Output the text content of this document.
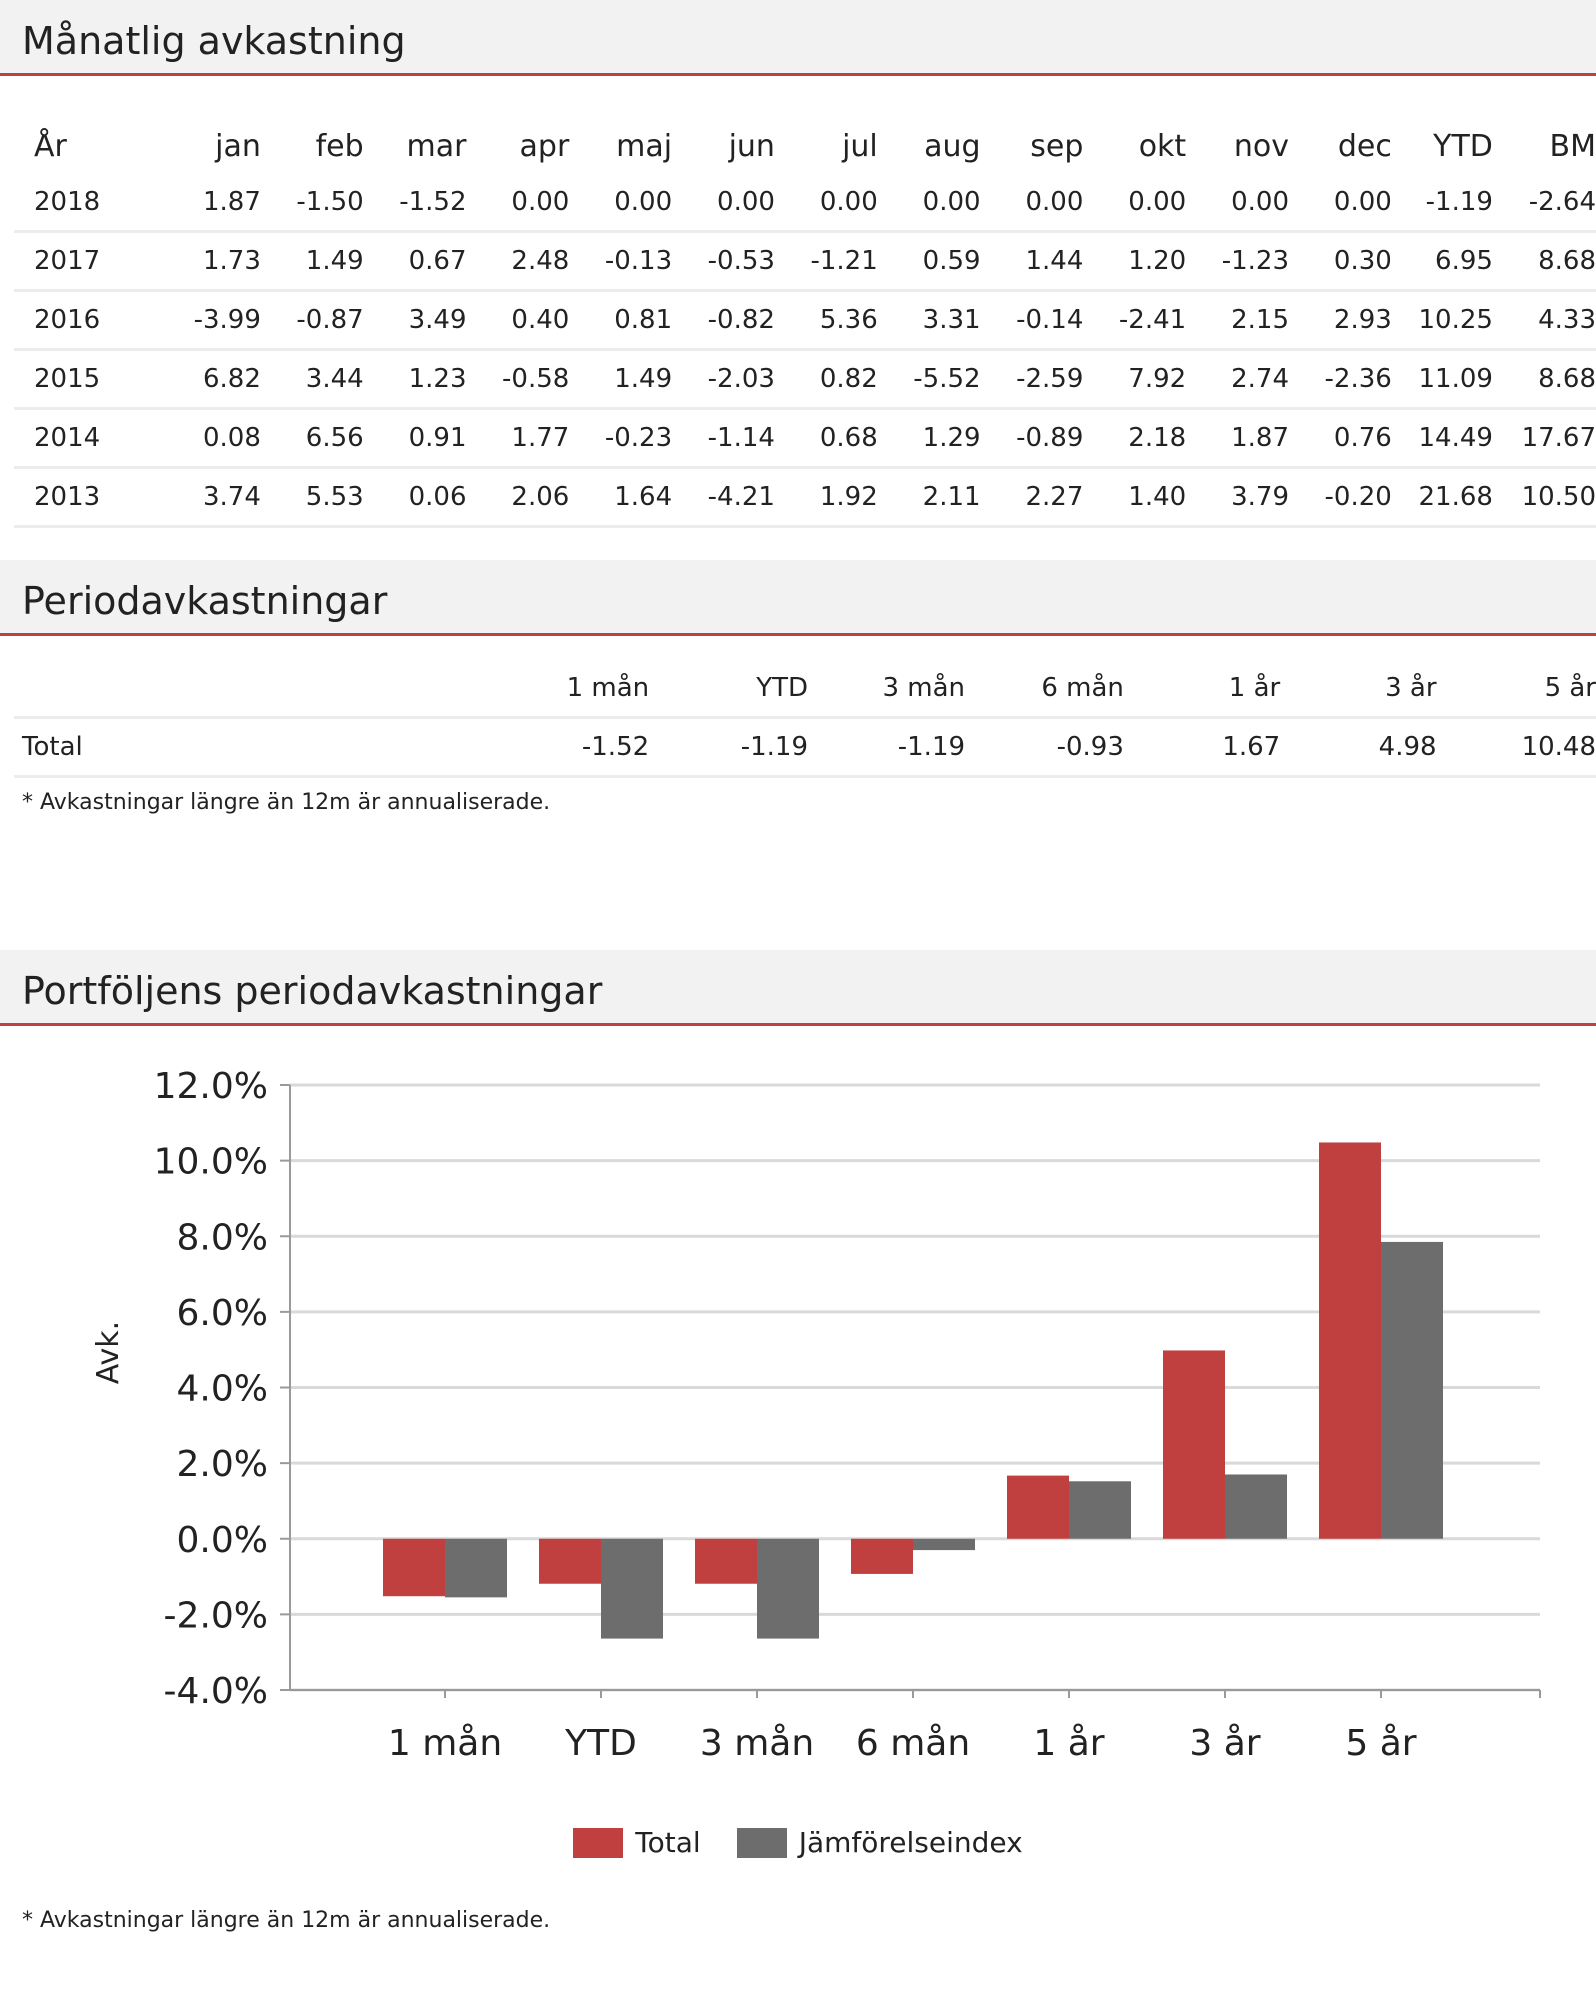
Månatlig avkastning
År	jan	feb	mar	apr	maj	jun	jul	aug	sep	okt	nov	dec	YTD	BM
2018	1.87	-1.50	-1.52	0.00	0.00	0.00	0.00	0.00	0.00	0.00	0.00	0.00	-1.19	-2.64
2017	1.73	1.49	0.67	2.48	-0.13	-0.53	-1.21	0.59	1.44	1.20	-1.23	0.30	6.95	8.68
2016	-3.99	-0.87	3.49	0.40	0.81	-0.82	5.36	3.31	-0.14	-2.41	2.15	2.93	10.25	4.33
2015	6.82	3.44	1.23	-0.58	1.49	-2.03	0.82	-5.52	-2.59	7.92	2.74	-2.36	11.09	8.68
2014	0.08	6.56	0.91	1.77	-0.23	-1.14	0.68	1.29	-0.89	2.18	1.87	0.76	14.49	17.67
2013	3.74	5.53	0.06	2.06	1.64	-4.21	1.92	2.11	2.27	1.40	3.79	-0.20	21.68	10.50
Periodavkastningar
	1 mån	YTD	3 mån	6 mån	1 år	3 år	5 år
Total	-1.52	-1.19	-1.19	-0.93	1.67	4.98	10.48
* Avkastningar längre än 12m är annualiserade.
Portföljens periodavkastningar
-4.0%
-2.0%
0.0%
2.0%
4.0%
6.0%
8.0%
10.0%
12.0%
Avk.
1 mån YTD 3 mån 6 mån 1 år 3 år 5 år
Total	Jämförelseindex
* Avkastningar längre än 12m är annualiserade.
